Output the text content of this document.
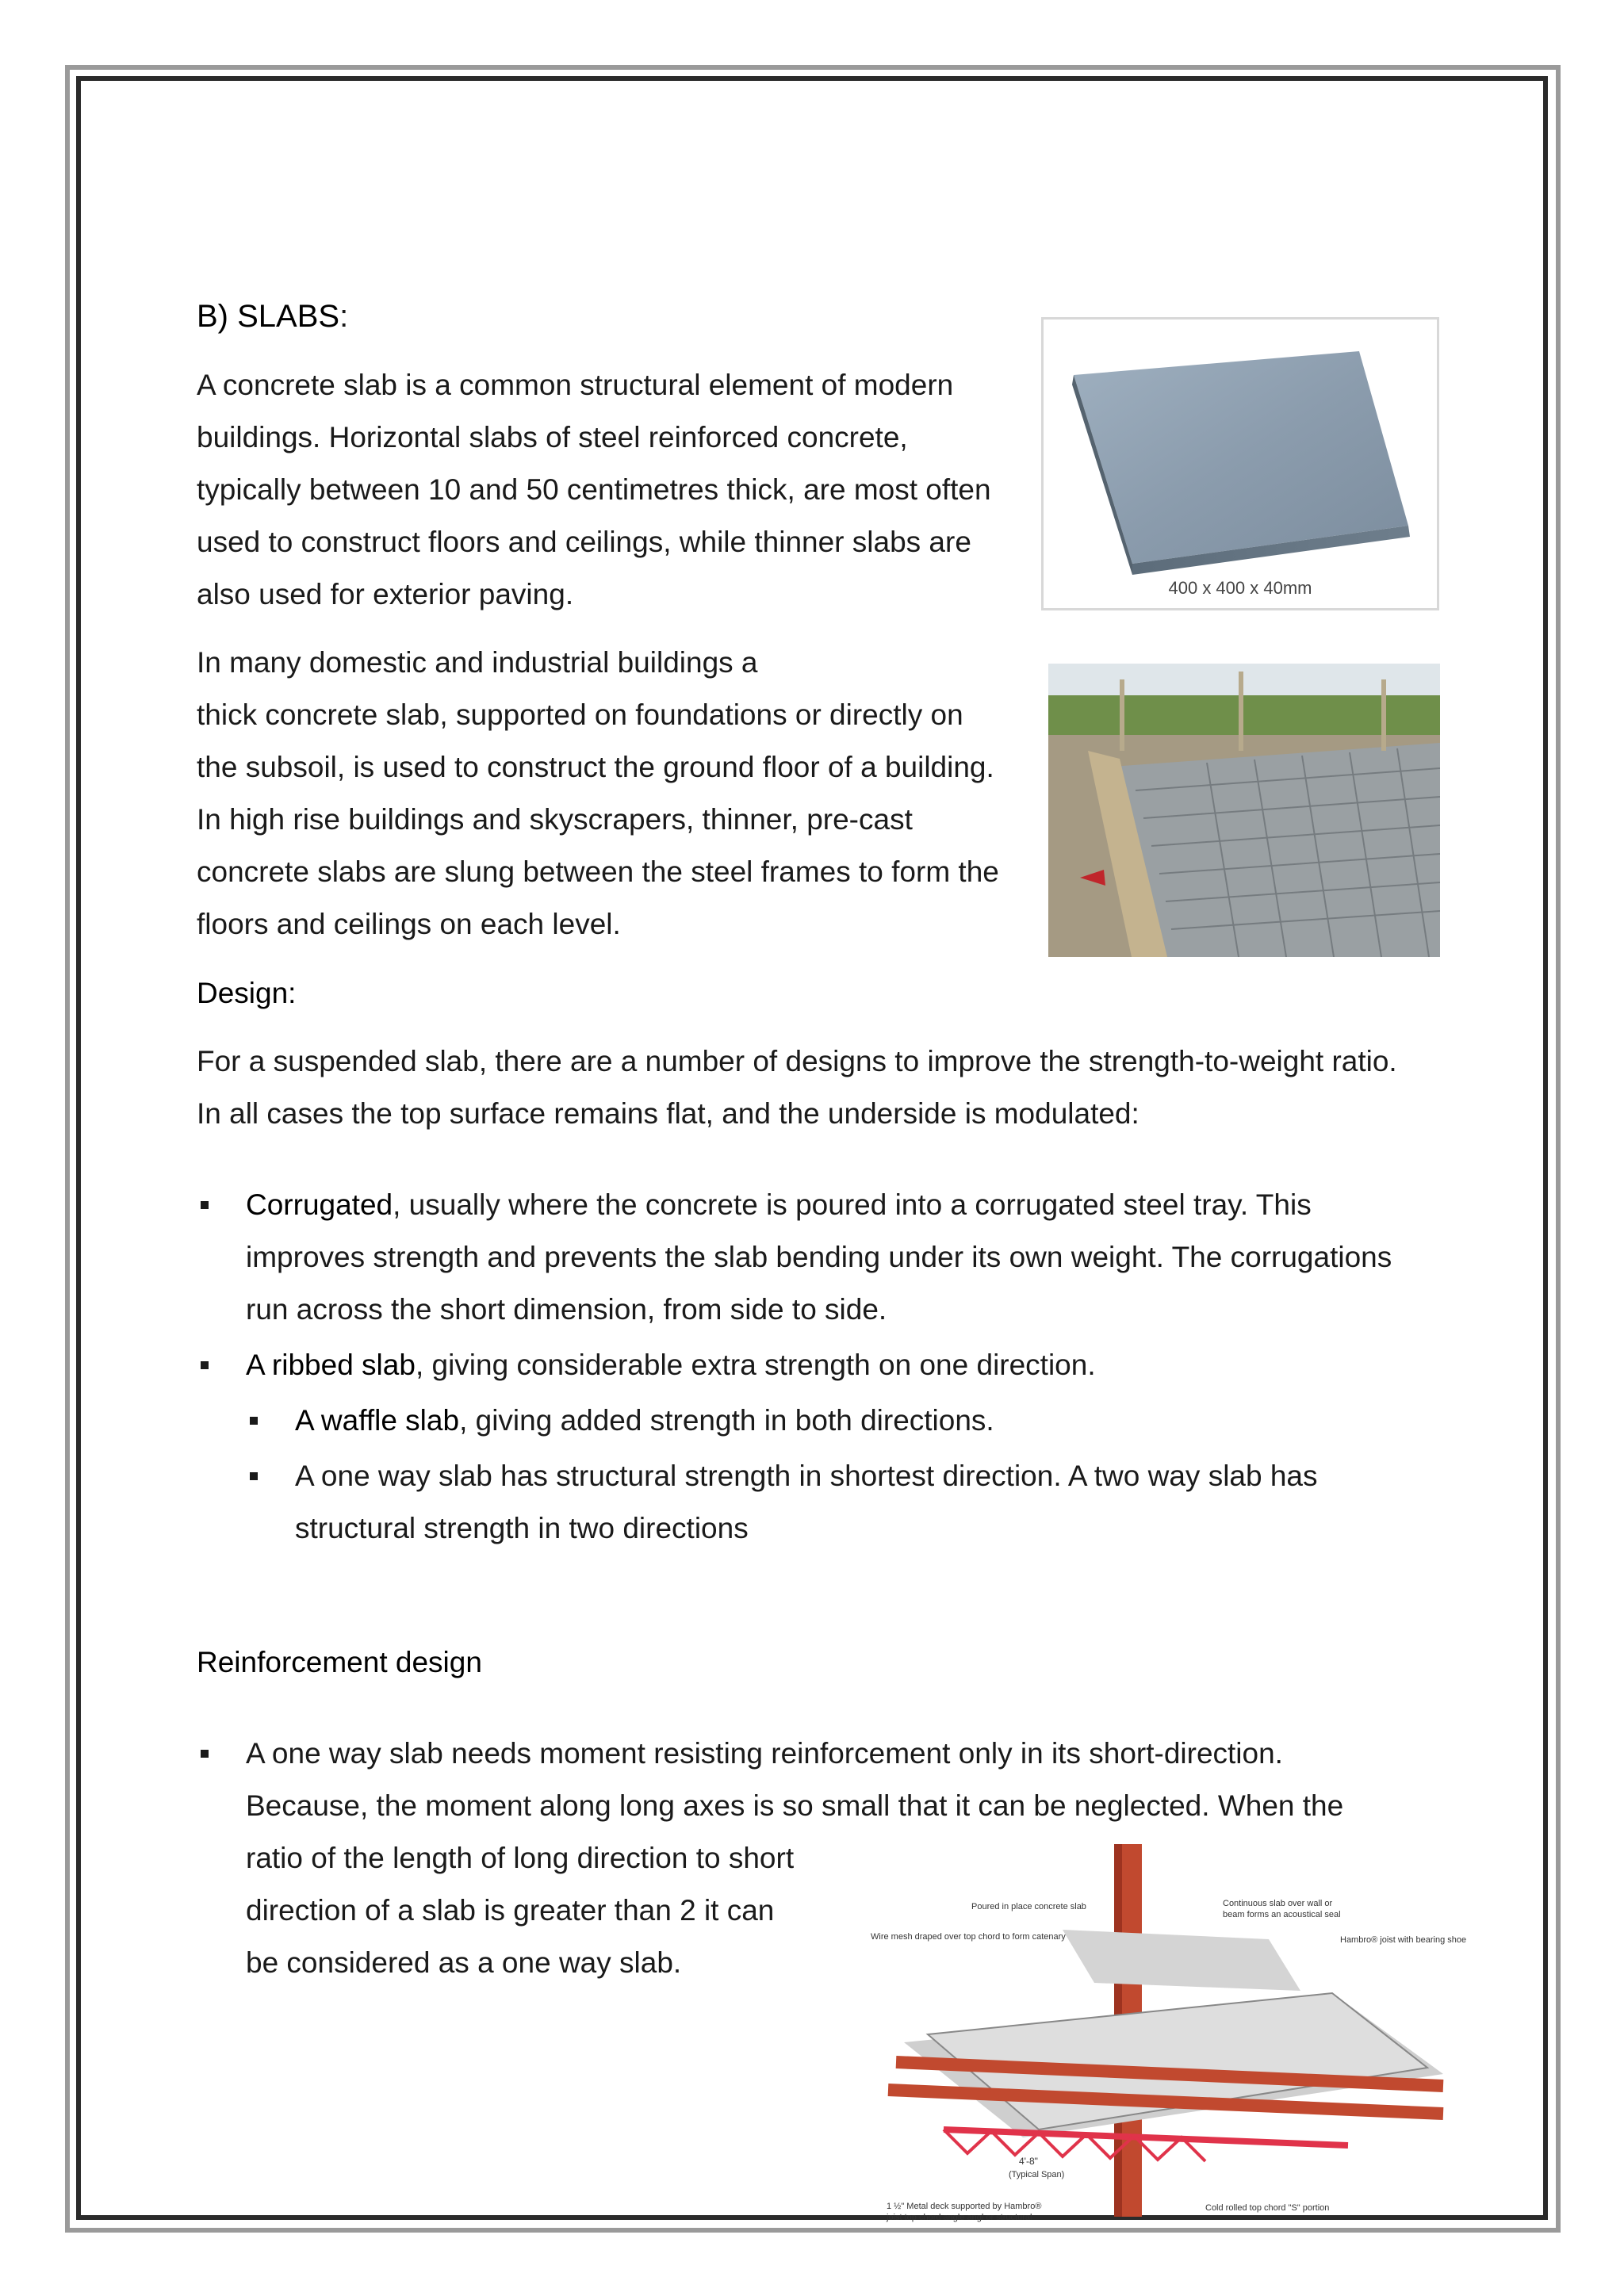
B) SLABS:
A concrete slab is a common structural element of modern
buildings. Horizontal slabs of steel reinforced concrete,
typically between 10 and 50 centimetres thick, are most often
used to construct floors and ceilings, while thinner slabs are
also used for exterior paving.
In many domestic and industrial buildings a
thick concrete slab, supported on foundations or directly on
the subsoil, is used to construct the ground floor of a building.
In high rise buildings and skyscrapers, thinner, pre-cast
concrete slabs are slung between the steel frames to form the
floors and ceilings on each level.
Design:
For a suspended slab, there are a number of designs to improve the strength-to-weight ratio.
In all cases the top surface remains flat, and the underside is modulated:
Corrugated, usually where the concrete is poured into a corrugated steel tray. This
improves strength and prevents the slab bending under its own weight. The corrugations
run across the short dimension, from side to side.
A ribbed slab, giving considerable extra strength on one direction.
A waffle slab, giving added strength in both directions.
A one way slab has structural strength in shortest direction. A two way slab has
structural strength in two directions
Reinforcement design
A one way slab needs moment resisting reinforcement only in its short-direction.
Because, the moment along long axes is so small that it can be neglected. When the
ratio of the length of long direction to short
direction of a slab is greater than 2 it can
be considered as a one way slab.
400 x 400 x 40mm
Poured in place concrete slab
Wire mesh draped over top chord to form catenary
Continuous slab over wall or
beam forms an acoustical seal
Hambro® joist with bearing shoe
4'-8"
(Typical Span)
1 ½" Metal deck supported by Hambro®
joist top chord angle angl or structural
Cold rolled top chord "S" portion
